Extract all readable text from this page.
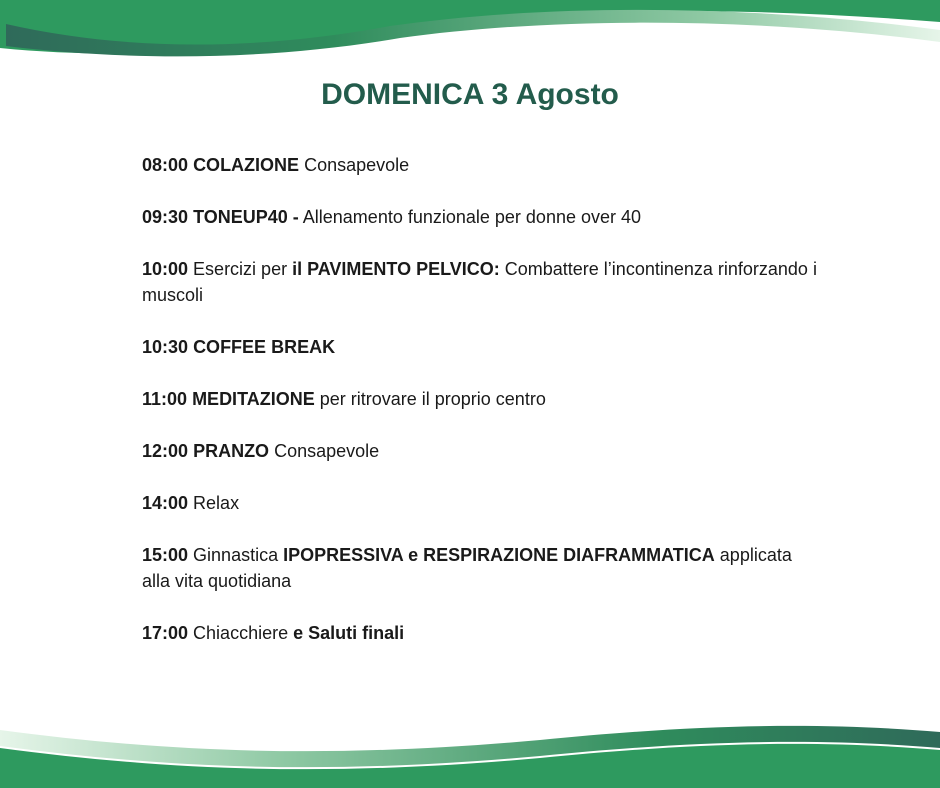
DOMENICA 3 Agosto

08:00 COLAZIONE Consapevole

09:30 TONEUP40 - Allenamento funzionale per donne over 40

10:00 Esercizi per il PAVIMENTO PELVICO: Combattere l’incontinenza rinforzando i muscoli

10:30 COFFEE BREAK

11:00 MEDITAZIONE per ritrovare il proprio centro

12:00 PRANZO Consapevole

14:00 Relax

15:00 Ginnastica IPOPRESSIVA e RESPIRAZIONE DIAFRAMMATICA applicata alla vita quotidiana

17:00 Chiacchiere e Saluti finali
